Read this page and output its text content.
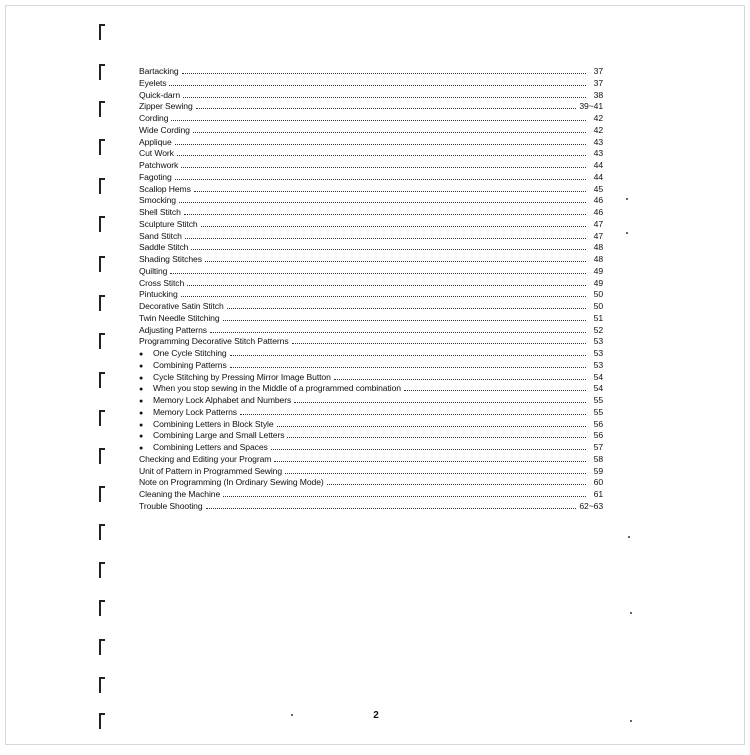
Bartacking	37
Eyelets	37
Quick-darn	38
Zipper Sewing	39~41
Cording	42
Wide Cording	42
Applique	43
Cut Work	43
Patchwork	44
Fagoting	44
Scallop Hems	45
Smocking	46
Shell Stitch	46
Sculpture Stitch	47
Sand Stitch	47
Saddle Stitch	48
Shading Stitches	48
Quilting	49
Cross Stitch	49
Pintucking	50
Decorative Satin Stitch	50
Twin Needle Stitching	51
Adjusting Patterns	52
Programming Decorative Stitch Patterns	53
●	One Cycle Stitching	53
●	Combining Patterns	53
●	Cycle Stitching by Pressing Mirror Image Button	54
●	When you stop sewing in the Middle of a programmed combination	54
●	Memory Lock Alphabet and Numbers	55
●	Memory Lock Patterns	55
●	Combining Letters in Block Style	56
●	Combining Large and Small Letters	56
●	Combining Letters and Spaces	57
Checking and Editing your Program	58
Unit of Pattern in Programmed Sewing	59
Note on Programming (In Ordinary Sewing Mode)	60
Cleaning the Machine	61
Trouble Shooting	62~63
2
